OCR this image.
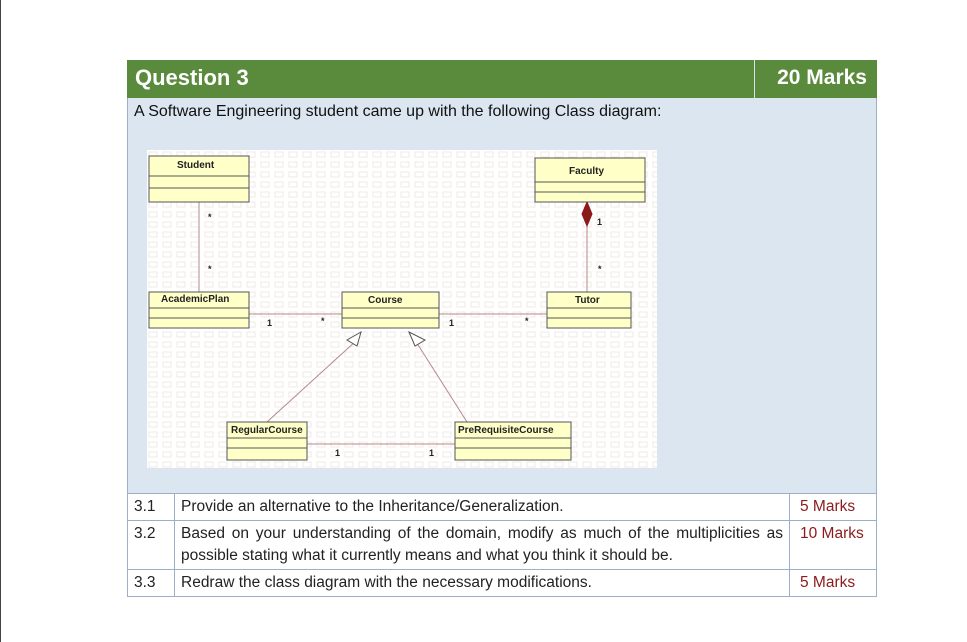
Question 3	20 Marks
A Software Engineering student came up with the following Class diagram:
Student
Faculty
AcademicPlan	Course	Tutor
RegularCourse	PreRequisiteCourse
*
*
1
*
1	*	1	*
1	1
3.1	Provide an alternative to the Inheritance/Generalization.	5 Marks
3.2	Based on your understanding of the domain, modify as much of the multiplicities as possible stating what it currently means and what you think it should be.	10 Marks
3.3	Redraw the class diagram with the necessary modifications.	5 Marks
